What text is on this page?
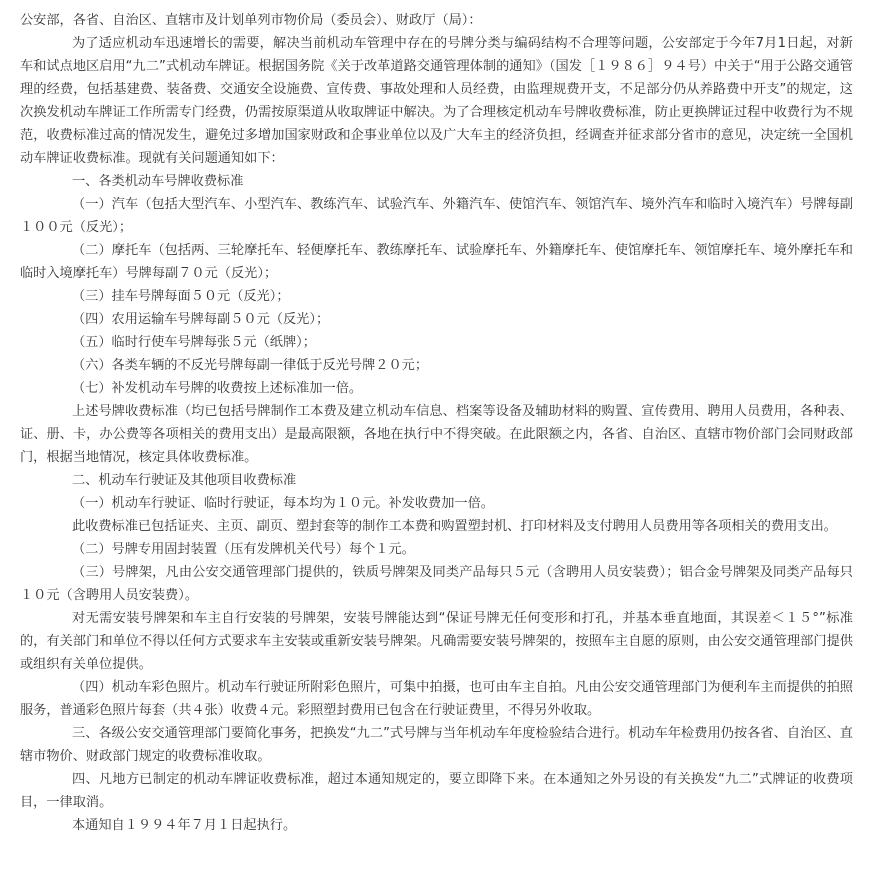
公安部，各省、自治区、直辖市及计划单列市物价局（委员会）、财政厅（局）：

为了适应机动车迅速增长的需要，解决当前机动车管理中存在的号牌分类与编码结构不合理等问题，公安部定于今年7月1日起，对新车和试点地区启用“九二”式机动车牌证。根据国务院《关于改革道路交通管理体制的通知》（国发［１９８６］９４号）中关于“用于公路交通管理的经费，包括基建费、装备费、交通安全设施费、宣传费、事故处理和人员经费，由监理规费开支，不足部分仍从养路费中开支”的规定，这次换发机动车牌证工作所需专门经费，仍需按原渠道从收取牌证中解决。为了合理核定机动车号牌收费标准，防止更换牌证过程中收费行为不规范，收费标准过高的情况发生，避免过多增加国家财政和企事业单位以及广大车主的经济负担，经调查并征求部分省市的意见，决定统一全国机动车牌证收费标准。现就有关问题通知如下：

一、各类机动车号牌收费标准

（一）汽车（包括大型汽车、小型汽车、教练汽车、试验汽车、外籍汽车、使馆汽车、领馆汽车、境外汽车和临时入境汽车）号牌每副１００元（反光）；

（二）摩托车（包括两、三轮摩托车、轻便摩托车、教练摩托车、试验摩托车、外籍摩托车、使馆摩托车、领馆摩托车、境外摩托车和临时入境摩托车）号牌每副７０元（反光）；

（三）挂车号牌每面５０元（反光）；

（四）农用运输车号牌每副５０元（反光）；

（五）临时行使车号牌每张５元（纸牌）；

（六）各类车辆的不反光号牌每副一律低于反光号牌２０元；

（七）补发机动车号牌的收费按上述标准加一倍。

上述号牌收费标准（均已包括号牌制作工本费及建立机动车信息、档案等设备及辅助材料的购置、宣传费用、聘用人员费用，各种表、证、册、卡，办公费等各项相关的费用支出）是最高限额，各地在执行中不得突破。在此限额之内，各省、自治区、直辖市物价部门会同财政部门，根据当地情况，核定具体收费标准。

二、机动车行驶证及其他项目收费标准

（一）机动车行驶证、临时行驶证，每本均为１０元。补发收费加一倍。

此收费标准已包括证夹、主页、副页、塑封套等的制作工本费和购置塑封机、打印材料及支付聘用人员费用等各项相关的费用支出。

（二）号牌专用固封装置（压有发牌机关代号）每个１元。

（三）号牌架，凡由公安交通管理部门提供的，铁质号牌架及同类产品每只５元（含聘用人员安装费）；铝合金号牌架及同类产品每只１０元（含聘用人员安装费）。

对无需安装号牌架和车主自行安装的号牌架，安装号牌能达到“保证号牌无任何变形和打孔，并基本垂直地面，其误差＜１５°”标准的，有关部门和单位不得以任何方式要求车主安装或重新安装号牌架。凡确需要安装号牌架的，按照车主自愿的原则，由公安交通管理部门提供或组织有关单位提供。

（四）机动车彩色照片。机动车行驶证所附彩色照片，可集中拍摄，也可由车主自拍。凡由公安交通管理部门为便利车主而提供的拍照服务，普通彩色照片每套（共４张）收费４元。彩照塑封费用已包含在行驶证费里，不得另外收取。

三、各级公安交通管理部门要简化事务，把换发“九二”式号牌与当年机动车年度检验结合进行。机动车年检费用仍按各省、自治区、直辖市物价、财政部门规定的收费标准收取。

四、凡地方已制定的机动车牌证收费标准，超过本通知规定的，要立即降下来。在本通知之外另设的有关换发“九二”式牌证的收费项目，一律取消。

本通知自１９９４年７月１日起执行。
